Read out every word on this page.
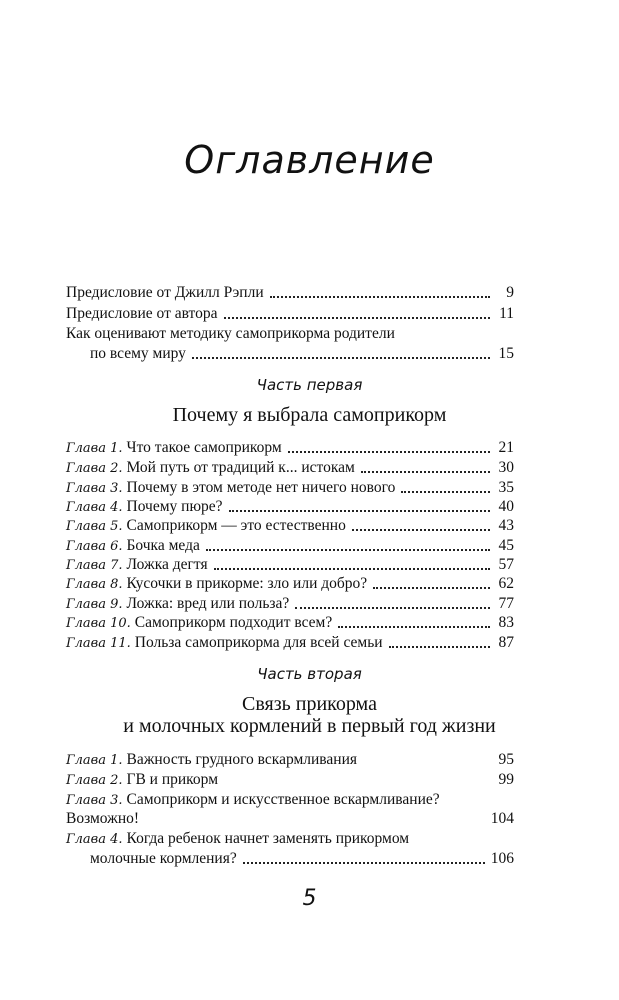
Оглавление
Предисловие от Джилл Рэпли	9
Предисловие от автора	11
Как оценивают методику самоприкорма родители
по всему миру	15
Часть первая
Почему я выбрала самоприкорм
Глава 1. Что такое самоприкорм	21
Глава 2. Мой путь от традиций к... истокам	30
Глава 3. Почему в этом методе нет ничего нового	35
Глава 4. Почему пюре?	40
Глава 5. Самоприкорм — это естественно	43
Глава 6. Бочка меда	45
Глава 7. Ложка дегтя	57
Глава 8. Кусочки в прикорме: зло или добро?	62
Глава 9. Ложка: вред или польза?	77
Глава 10. Самоприкорм подходит всем?	83
Глава 11. Польза самоприкорма для всей семьи	87
Часть вторая
Связь прикорма
и молочных кормлений в первый год жизни
Глава 1. Важность грудного вскармливания	95
Глава 2. ГВ и прикорм	99
Глава 3. Самоприкорм и искусственное вскармливание?
Возможно!	104
Глава 4. Когда ребенок начнет заменять прикормом
молочные кормления?	106
5
